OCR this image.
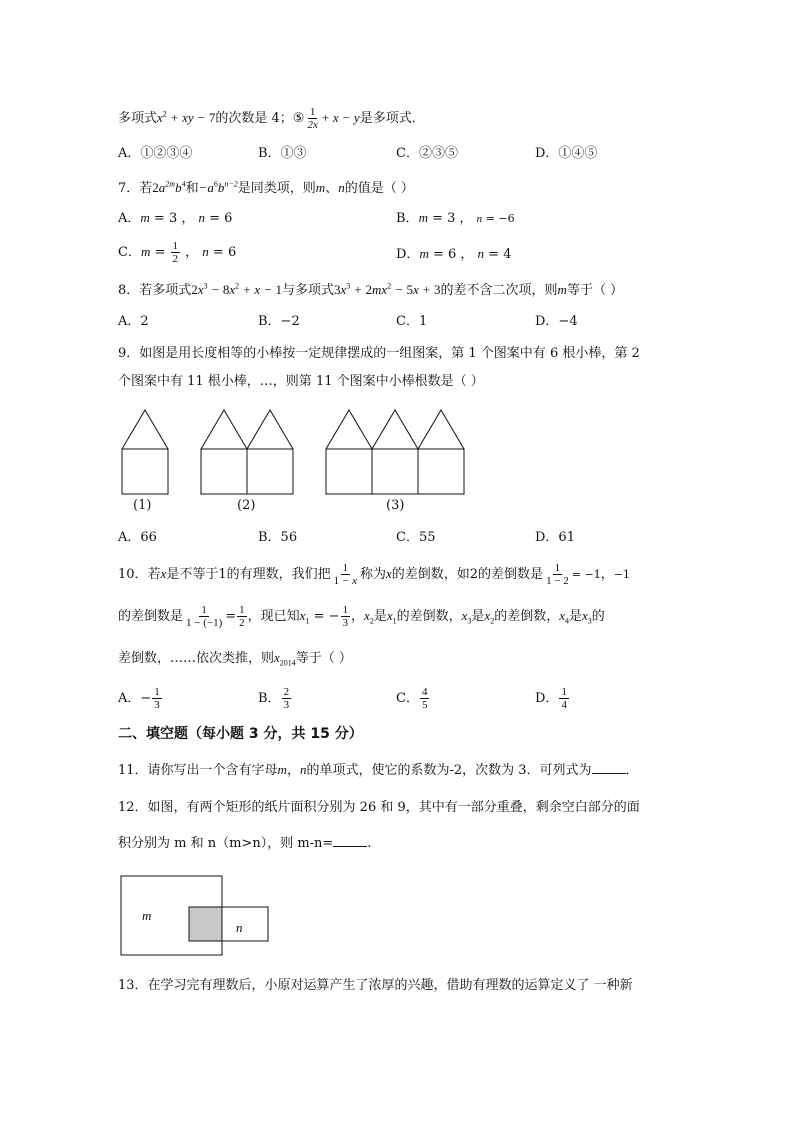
多项式$x^2$ + xy − 7的次数是 4；⑤ $\frac{1}{2x} + x - y$是多项式．
A．①②③④	B．①③	C．②③⑤	D．①④⑤
7．若$2a^{2m}b^4$和$-a^6b^{n-2}$是同类项，则m、n的值是（ ）
A．m = 3 ， n = 6	B．m = 3 ， n = −6
C．$m = \frac{1}{2}$ ， n = 6	D．m = 6 ， n = 4
8．若多项式$2x^3 - 8x^2 + x - 1$与多项式$3x^3 + 2mx^2 - 5x + 3$的差不含二次项，则m等于（ ）
A．2	B．−2	C．1	D．−4
9．如图是用长度相等的小棒按一定规律摆成的一组图案，第 1 个图案中有 6 根小棒，第 2
个图案中有 11 根小棒，…，则第 11 个图案中小棒根数是（ ）
(1)	(2)	(3)
A．66	B．56	C．55	D．61
10．若x是不等于1的有理数，我们把 $\frac{1}{1 - x}$ 称为x的差倒数，如2的差倒数是 $\frac{1}{1 - 2} = -1$，−1
的差倒数是 $\frac{1}{1 - (-1)} = \frac{1}{2}$ ，现已知$x_1$ = − $\frac{1}{3}$ ，$x_2$是$x_1$的差倒数，$x_3$是$x_2$的差倒数，$x_4$是$x_3$的
差倒数，……依次类推，则$x_{2014}$等于（ ）
A．− $\frac{1}{3}$	B． $\frac{2}{3}$	C． $\frac{4}{5}$	D． $\frac{1}{4}$
二、填空题（每小题 3 分，共 15 分）
11．请你写出一个含有字母m，n的单项式，使它的系数为-2，次数为 3．可列式为	．
12．如图，有两个矩形的纸片面积分别为 26 和 9，其中有一部分重叠，剩余空白部分的面
积分别为 m 和 n（m>n），则 m-n=	.
m
n
13．在学习完有理数后，小原对运算产生了浓厚的兴趣，借助有理数的运算定义了 一种新
